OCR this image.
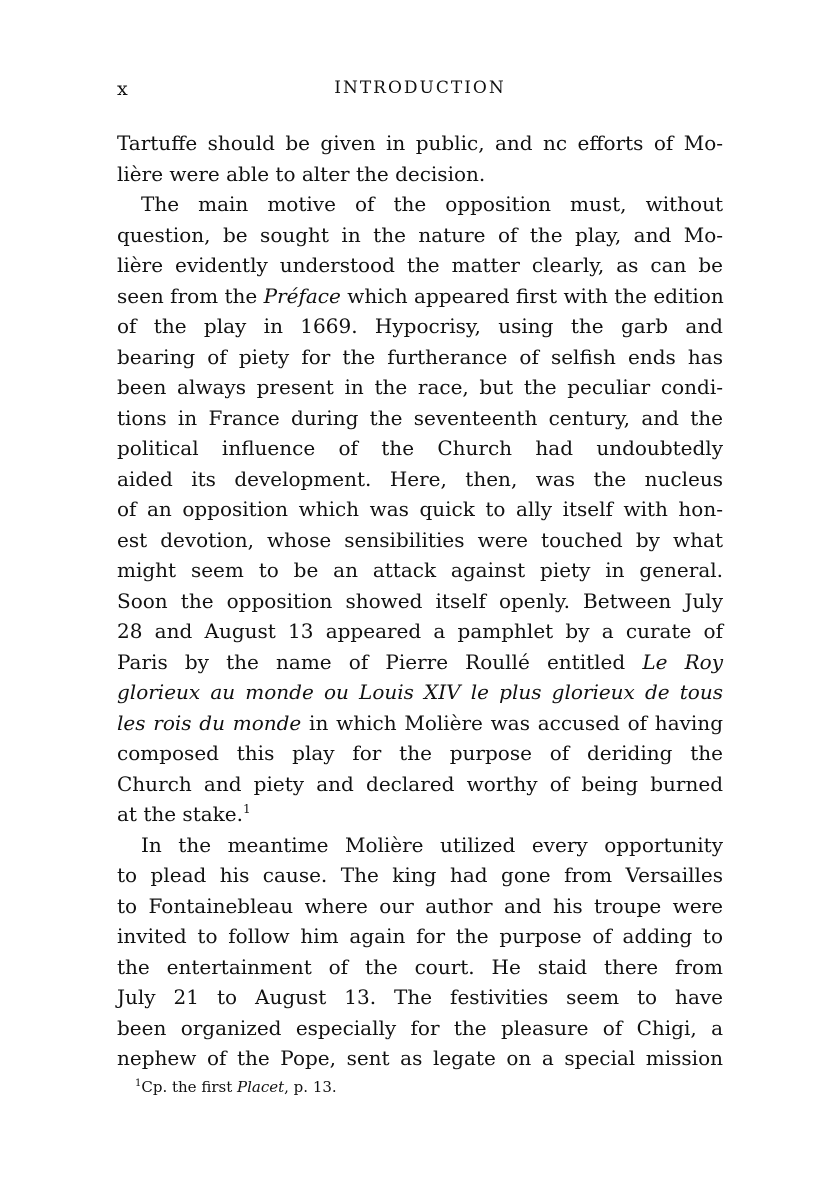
x	INTRODUCTION
Tartuffe should be given in public, and nc efforts of Mo-
lière were able to alter the decision.
The main motive of the opposition must, without
question, be sought in the nature of the play, and Mo-
lière evidently understood the matter clearly, as can be
seen from the Préface which appeared first with the edition
of the play in 1669. Hypocrisy, using the garb and
bearing of piety for the furtherance of selfish ends has
been always present in the race, but the peculiar condi-
tions in France during the seventeenth century, and the
political influence of the Church had undoubtedly
aided its development. Here, then, was the nucleus
of an opposition which was quick to ally itself with hon-
est devotion, whose sensibilities were touched by what
might seem to be an attack against piety in general.
Soon the opposition showed itself openly. Between July
28 and August 13 appeared a pamphlet by a curate of
Paris by the name of Pierre Roullé entitled Le Roy
glorieux au monde ou Louis XIV le plus glorieux de tous
les rois du monde in which Molière was accused of having
composed this play for the purpose of deriding the
Church and piety and declared worthy of being burned
at the stake.$^1$
In the meantime Molière utilized every opportunity
to plead his cause. The king had gone from Versailles
to Fontainebleau where our author and his troupe were
invited to follow him again for the purpose of adding to
the entertainment of the court. He staid there from
July 21 to August 13. The festivities seem to have
been organized especially for the pleasure of Chigi, a
nephew of the Pope, sent as legate on a special mission
$^1$Cp. the first Placet, p. 13.
